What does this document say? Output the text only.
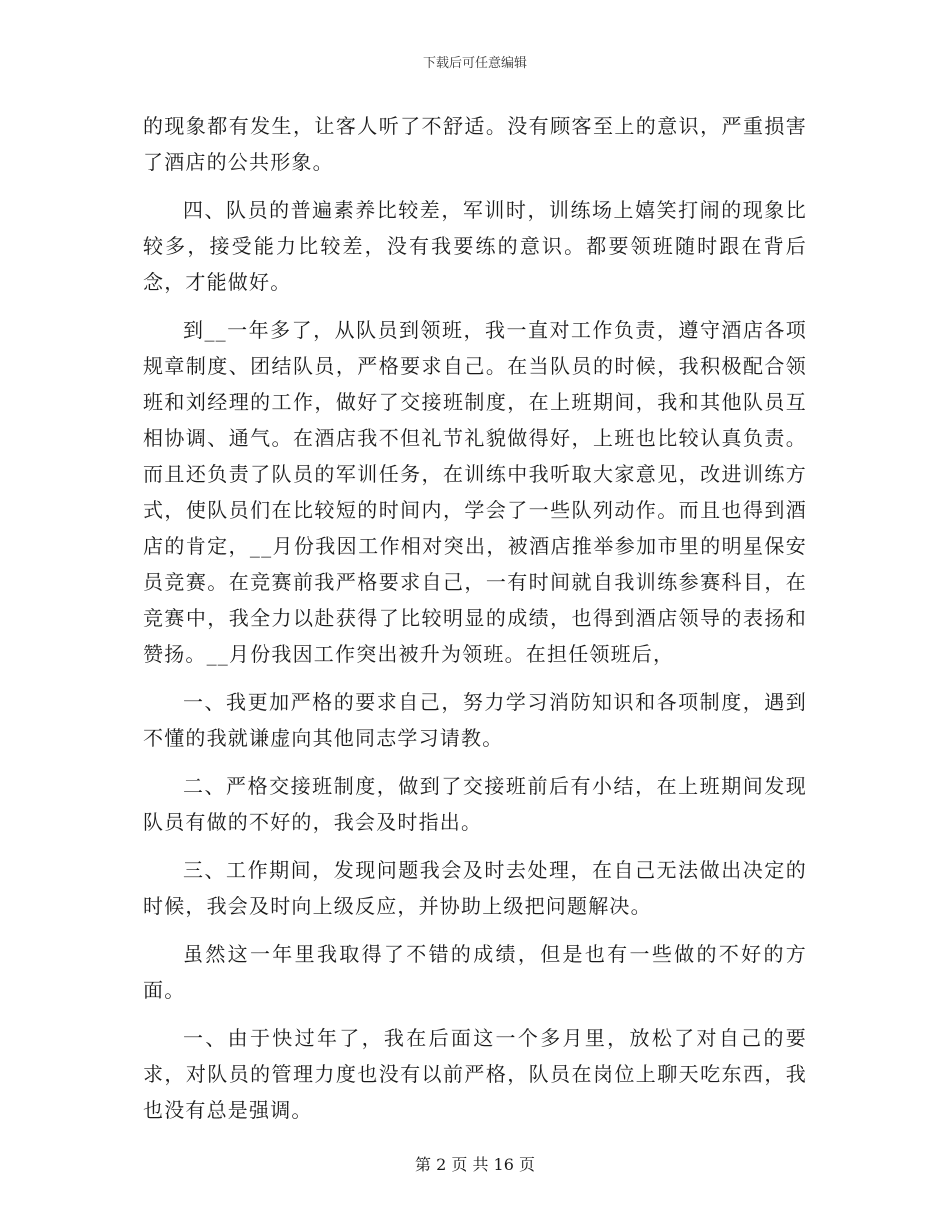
下载后可任意编辑

的现象都有发生，让客人听了不舒适。没有顾客至上的意识，严重损害了酒店的公共形象。

四、队员的普遍素养比较差，军训时，训练场上嬉笑打闹的现象比较多，接受能力比较差，没有我要练的意识。都要领班随时跟在背后念，才能做好。

到__一年多了，从队员到领班，我一直对工作负责，遵守酒店各项规章制度、团结队员，严格要求自己。在当队员的时候，我积极配合领班和刘经理的工作，做好了交接班制度，在上班期间，我和其他队员互相协调、通气。在酒店我不但礼节礼貌做得好，上班也比较认真负责。而且还负责了队员的军训任务，在训练中我听取大家意见，改进训练方式，使队员们在比较短的时间内，学会了一些队列动作。而且也得到酒店的肯定，__月份我因工作相对突出，被酒店推举参加市里的明星保安员竞赛。在竞赛前我严格要求自己，一有时间就自我训练参赛科目，在竞赛中，我全力以赴获得了比较明显的成绩，也得到酒店领导的表扬和赞扬。__月份我因工作突出被升为领班。在担任领班后，

一、我更加严格的要求自己，努力学习消防知识和各项制度，遇到不懂的我就谦虚向其他同志学习请教。

二、严格交接班制度，做到了交接班前后有小结，在上班期间发现队员有做的不好的，我会及时指出。

三、工作期间，发现问题我会及时去处理，在自己无法做出决定的时候，我会及时向上级反应，并协助上级把问题解决。

虽然这一年里我取得了不错的成绩，但是也有一些做的不好的方面。

一、由于快过年了，我在后面这一个多月里，放松了对自己的要求，对队员的管理力度也没有以前严格，队员在岗位上聊天吃东西，我也没有总是强调。

第 2 页 共 16 页
